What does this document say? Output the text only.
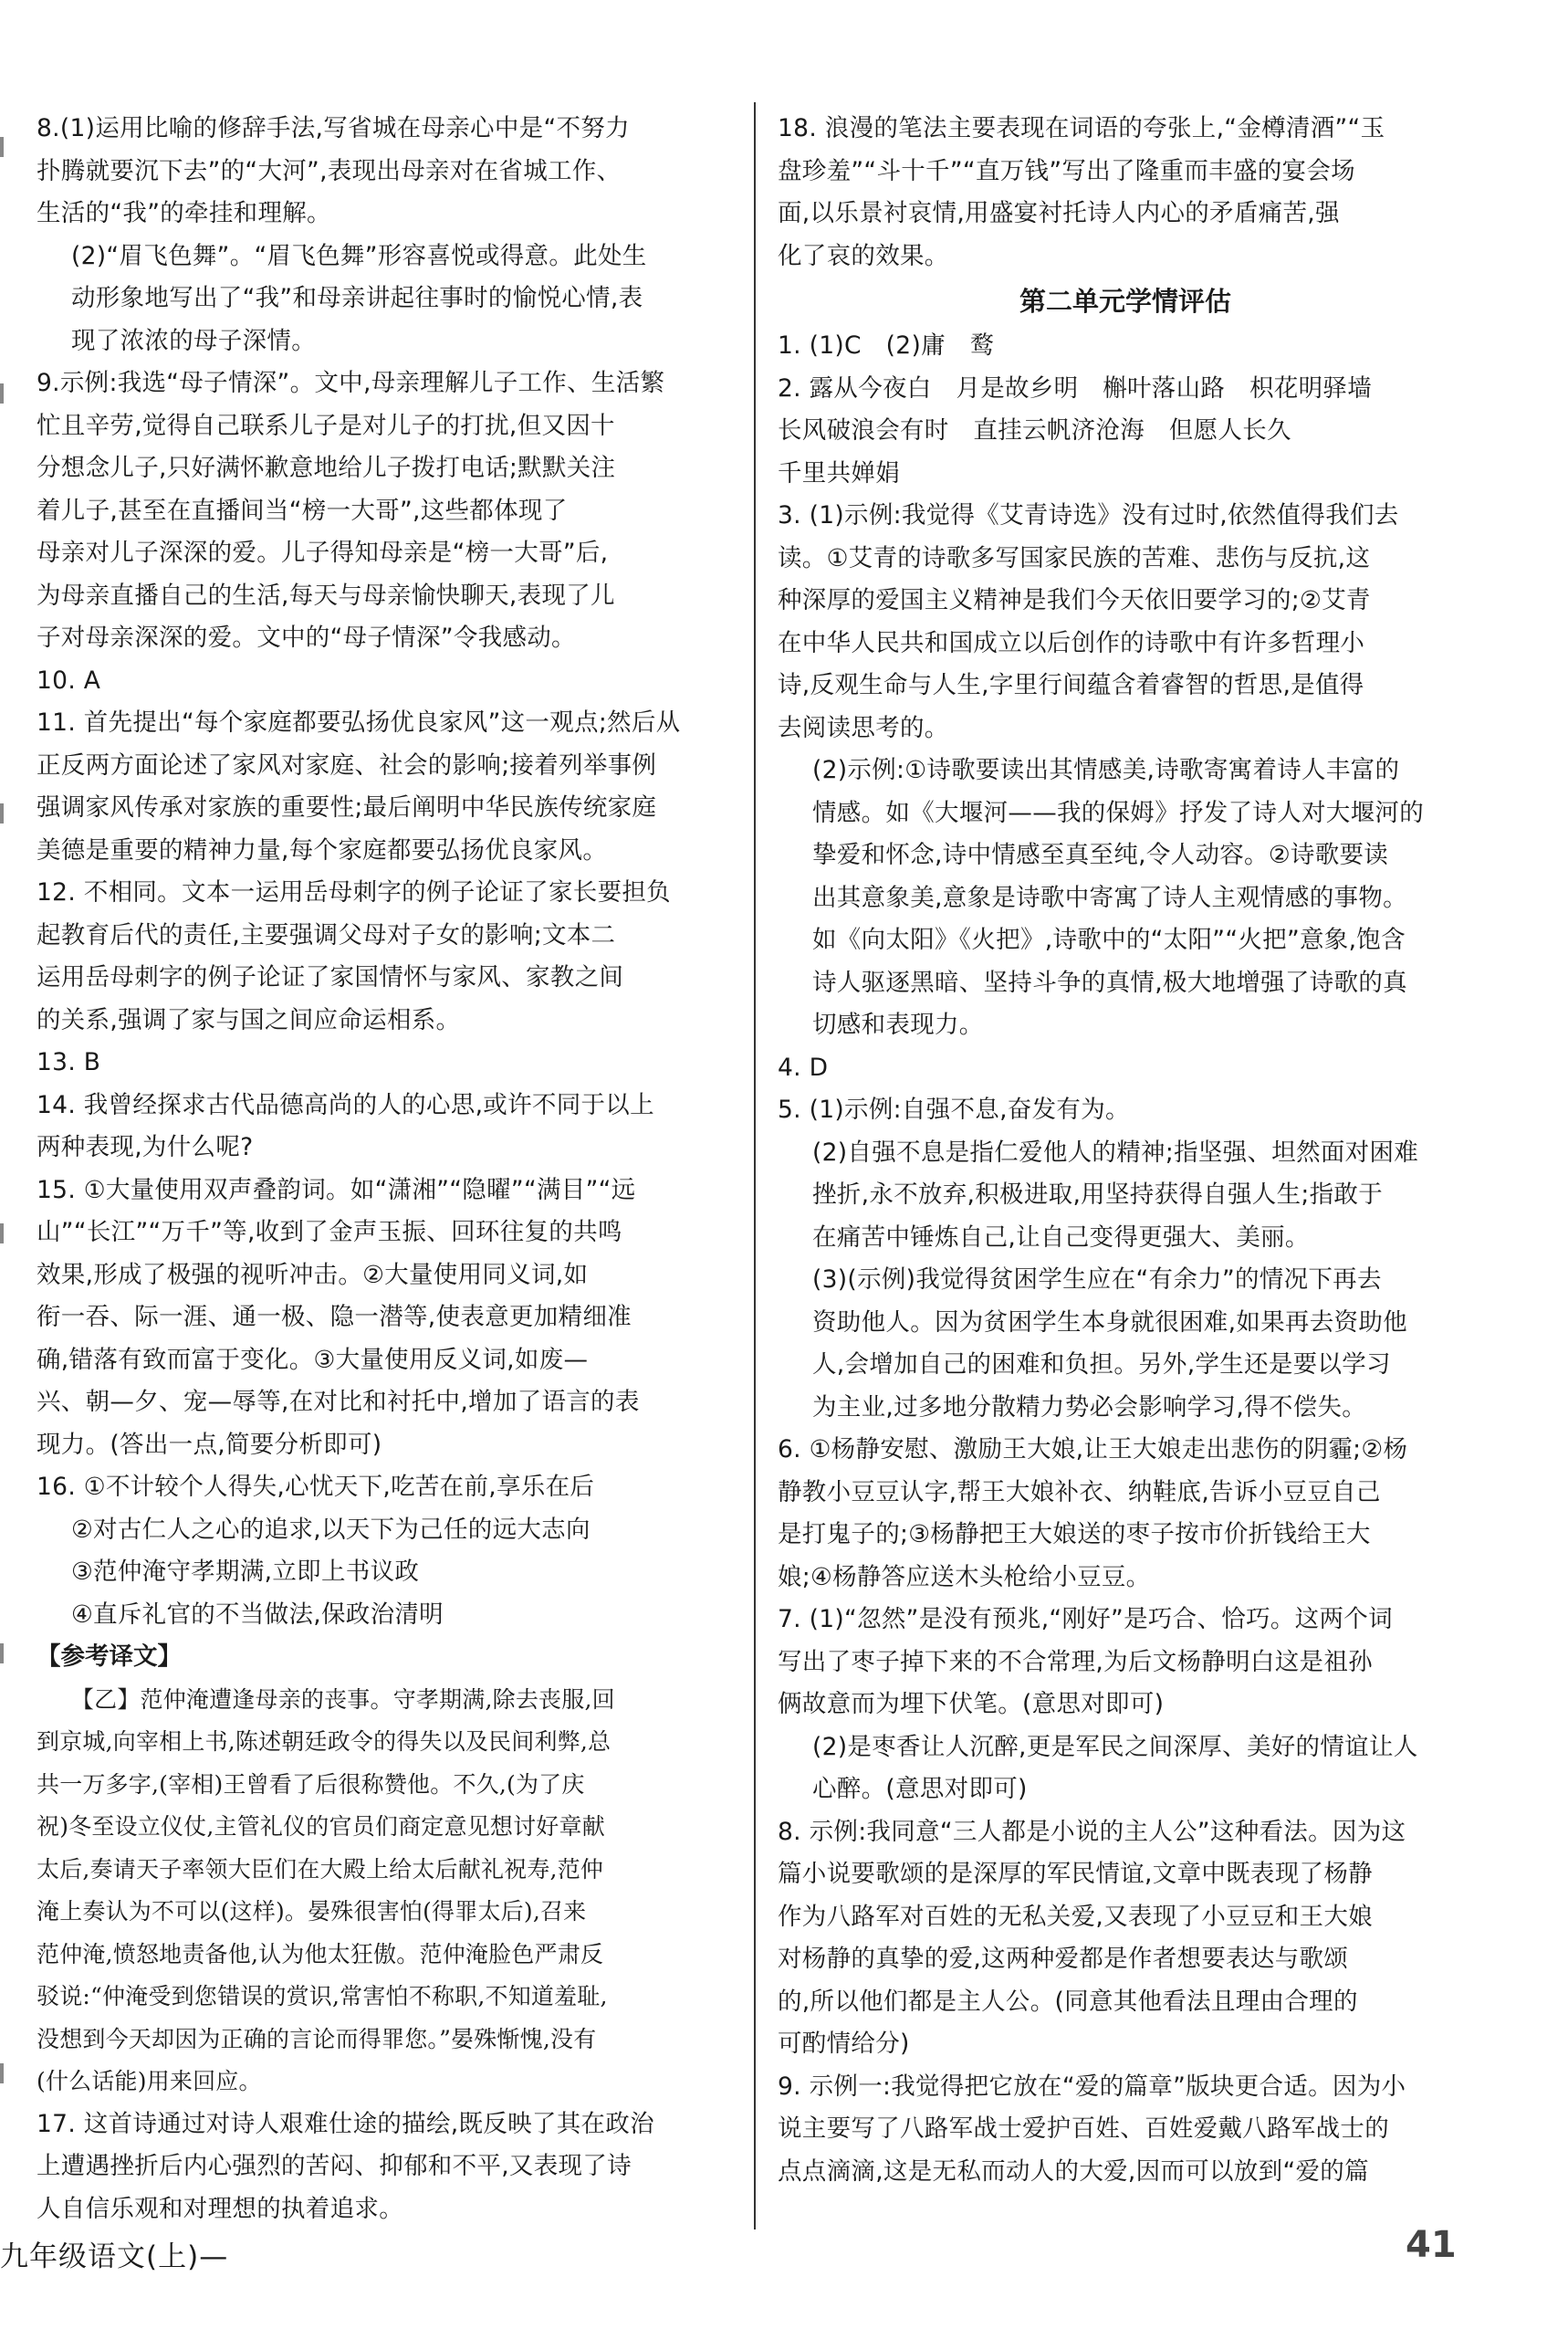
8.(1)运用比喻的修辞手法,写省城在母亲心中是“不努力
扑腾就要沉下去”的“大河”,表现出母亲对在省城工作、
生活的“我”的牵挂和理解。
(2)“眉飞色舞”。“眉飞色舞”形容喜悦或得意。此处生
动形象地写出了“我”和母亲讲起往事时的愉悦心情,表
现了浓浓的母子深情。
9.示例:我选“母子情深”。文中,母亲理解儿子工作、生活繁
忙且辛劳,觉得自己联系儿子是对儿子的打扰,但又因十
分想念儿子,只好满怀歉意地给儿子拨打电话;默默关注
着儿子,甚至在直播间当“榜一大哥”,这些都体现了
母亲对儿子深深的爱。儿子得知母亲是“榜一大哥”后,
为母亲直播自己的生活,每天与母亲愉快聊天,表现了儿
子对母亲深深的爱。文中的“母子情深”令我感动。

10. A

11. 首先提出“每个家庭都要弘扬优良家风”这一观点;然后从
正反两方面论述了家风对家庭、社会的影响;接着列举事例
强调家风传承对家族的重要性;最后阐明中华民族传统家庭
美德是重要的精神力量,每个家庭都要弘扬优良家风。
12. 不相同。文本一运用岳母刺字的例子论证了家长要担负
起教育后代的责任,主要强调父母对子女的影响;文本二
运用岳母刺字的例子论证了家国情怀与家风、家教之间
的关系,强调了家与国之间应命运相系。

13. B

14. 我曾经探求古代品德高尚的人的心思,或许不同于以上
两种表现,为什么呢?
15. ①大量使用双声叠韵词。如“潇湘”“隐曜”“满目”“远
山”“长江”“万千”等,收到了金声玉振、回环往复的共鸣
效果,形成了极强的视听冲击。②大量使用同义词,如
衔一吞、际一涯、通一极、隐一潜等,使表意更加精细准
确,错落有致而富于变化。③大量使用反义词,如废—
兴、朝—夕、宠—辱等,在对比和衬托中,增加了语言的表
现力。(答出一点,简要分析即可)
16. ①不计较个人得失,心忧天下,吃苦在前,享乐在后
②对古仁人之心的追求,以天下为己任的远大志向
③范仲淹守孝期满,立即上书议政
④直斥礼官的不当做法,保政治清明

【参考译文】

　　【乙】范仲淹遭逢母亲的丧事。守孝期满,除去丧服,回
到京城,向宰相上书,陈述朝廷政令的得失以及民间利弊,总
共一万多字,(宰相)王曾看了后很称赞他。不久,(为了庆
祝)冬至设立仪仗,主管礼仪的官员们商定意见想讨好章献
太后,奏请天子率领大臣们在大殿上给太后献礼祝寿,范仲
淹上奏认为不可以(这样)。晏殊很害怕(得罪太后),召来
范仲淹,愤怒地责备他,认为他太狂傲。范仲淹脸色严肃反
驳说:“仲淹受到您错误的赏识,常害怕不称职,不知道羞耻,
没想到今天却因为正确的言论而得罪您。”晏殊惭愧,没有
(什么话能)用来回应。
17. 这首诗通过对诗人艰难仕途的描绘,既反映了其在政治
上遭遇挫折后内心强烈的苦闷、抑郁和不平,又表现了诗
人自信乐观和对理想的执着追求。
18. 浪漫的笔法主要表现在词语的夸张上,“金樽清酒”“玉
盘珍羞”“斗十千”“直万钱”写出了隆重而丰盛的宴会场
面,以乐景衬哀情,用盛宴衬托诗人内心的矛盾痛苦,强
化了哀的效果。

第二单元学情评估

1. (1)C　(2)庸　鹜

2. 露从今夜白　月是故乡明　槲叶落山路　枳花明驿墙
长风破浪会有时　直挂云帆济沧海　但愿人长久
千里共婵娟
3. (1)示例:我觉得《艾青诗选》没有过时,依然值得我们去
读。①艾青的诗歌多写国家民族的苦难、悲伤与反抗,这
种深厚的爱国主义精神是我们今天依旧要学习的;②艾青
在中华人民共和国成立以后创作的诗歌中有许多哲理小
诗,反观生命与人生,字里行间蕴含着睿智的哲思,是值得
去阅读思考的。
(2)示例:①诗歌要读出其情感美,诗歌寄寓着诗人丰富的
情感。如《大堰河——我的保姆》抒发了诗人对大堰河的
挚爱和怀念,诗中情感至真至纯,令人动容。②诗歌要读
出其意象美,意象是诗歌中寄寓了诗人主观情感的事物。
如《向太阳》《火把》,诗歌中的“太阳”“火把”意象,饱含
诗人驱逐黑暗、坚持斗争的真情,极大地增强了诗歌的真
切感和表现力。

4. D

5. (1)示例:自强不息,奋发有为。

(2)自强不息是指仁爱他人的精神;指坚强、坦然面对困难
挫折,永不放弃,积极进取,用坚持获得自强人生;指敢于
在痛苦中锤炼自己,让自己变得更强大、美丽。
(3)(示例)我觉得贫困学生应在“有余力”的情况下再去
资助他人。因为贫困学生本身就很困难,如果再去资助他
人,会增加自己的困难和负担。另外,学生还是要以学习
为主业,过多地分散精力势必会影响学习,得不偿失。
6. ①杨静安慰、激励王大娘,让王大娘走出悲伤的阴霾;②杨
静教小豆豆认字,帮王大娘补衣、纳鞋底,告诉小豆豆自己
是打鬼子的;③杨静把王大娘送的枣子按市价折钱给王大
娘;④杨静答应送木头枪给小豆豆。
7. (1)“忽然”是没有预兆,“刚好”是巧合、恰巧。这两个词
写出了枣子掉下来的不合常理,为后文杨静明白这是祖孙
俩故意而为埋下伏笔。(意思对即可)
(2)是枣香让人沉醉,更是军民之间深厚、美好的情谊让人
心醉。(意思对即可)
8. 示例:我同意“三人都是小说的主人公”这种看法。因为这
篇小说要歌颂的是深厚的军民情谊,文章中既表现了杨静
作为八路军对百姓的无私关爱,又表现了小豆豆和王大娘
对杨静的真挚的爱,这两种爱都是作者想要表达与歌颂
的,所以他们都是主人公。(同意其他看法且理由合理的
可酌情给分)
9. 示例一:我觉得把它放在“爱的篇章”版块更合适。因为小
说主要写了八路军战士爱护百姓、百姓爱戴八路军战士的
点点滴滴,这是无私而动人的大爱,因而可以放到“爱的篇
九年级语文(上)—	41
